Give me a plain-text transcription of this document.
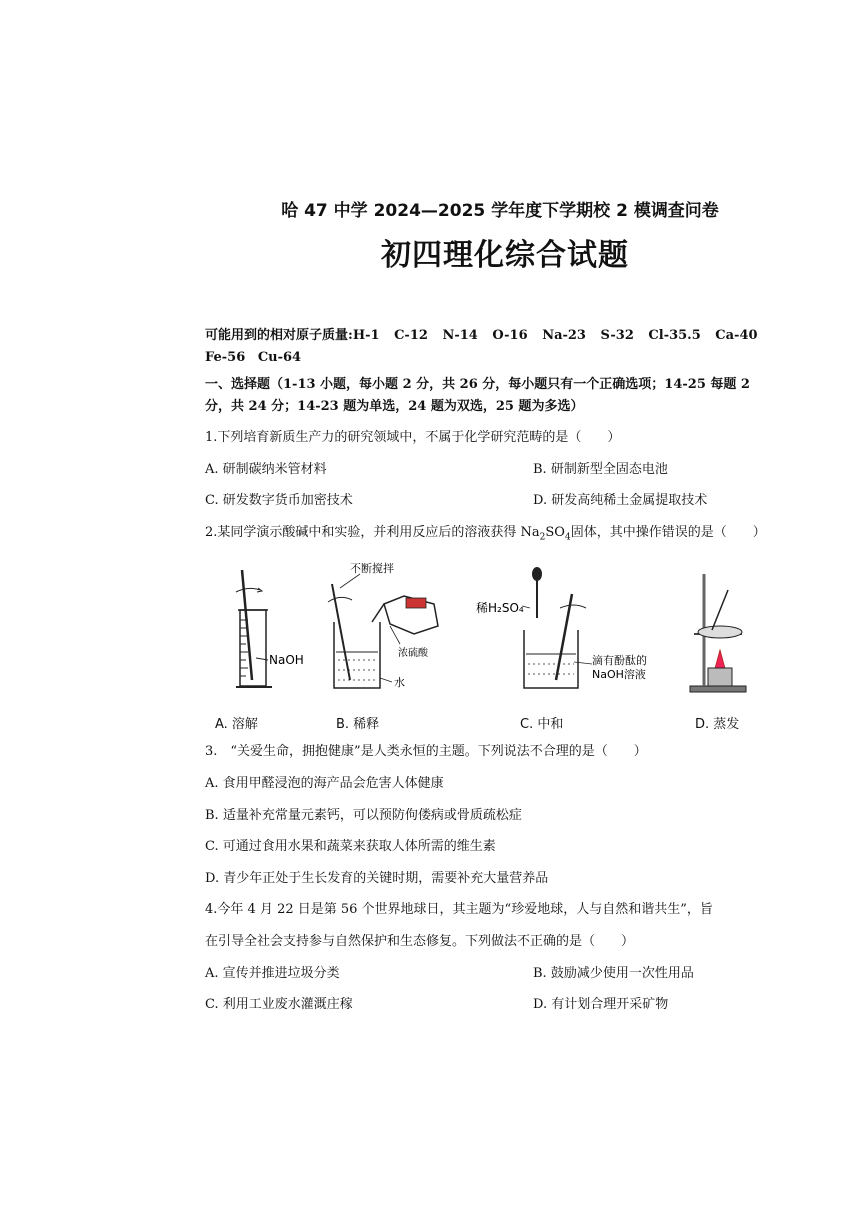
哈 47 中学 2024—2025 学年度下学期校 2 模调查问卷
初四理化综合试题
可能用到的相对原子质量:H-1 C-12 N-14 O-16 Na-23 S-32 Cl-35.5 Ca-40
Fe-56 Cu-64
一、选择题（1-13 小题，每小题 2 分，共 26 分，每小题只有一个正确选项；14-25 每题 2 分，共 24 分；14-23 题为单选，24 题为双选，25 题为多选）
1.下列培育新质生产力的研究领域中，不属于化学研究范畴的是（　　）
A. 研制碳纳米管材料	B. 研制新型全固态电池
C. 研发数字货币加密技术	D. 研发高纯稀土金属提取技术
2.某同学演示酸碱中和实验，并利用反应后的溶液获得 $Na_2SO_4$固体，其中操作错误的是（　　）
NaOH
不断搅拌
浓硫酸
水
稀H₂SO₄
滴有酚酞的
NaOH溶液
A. 溶解	B. 稀释	C. 中和	D. 蒸发
3.　“关爱生命，拥抱健康”是人类永恒的主题。下列说法不合理的是（　　）
A. 食用甲醛浸泡的海产品会危害人体健康
B. 适量补充常量元素钙，可以预防佝偻病或骨质疏松症
C. 可通过食用水果和蔬菜来获取人体所需的维生素
D. 青少年正处于生长发育的关键时期，需要补充大量营养品
4.今年 4 月 22 日是第 56 个世界地球日，其主题为“珍爱地球，人与自然和谐共生”，旨
在引导全社会支持参与自然保护和生态修复。下列做法不正确的是（　　）
A. 宣传并推进垃圾分类	B. 鼓励减少使用一次性用品
C. 利用工业废水灌溉庄稼	D. 有计划合理开采矿物
